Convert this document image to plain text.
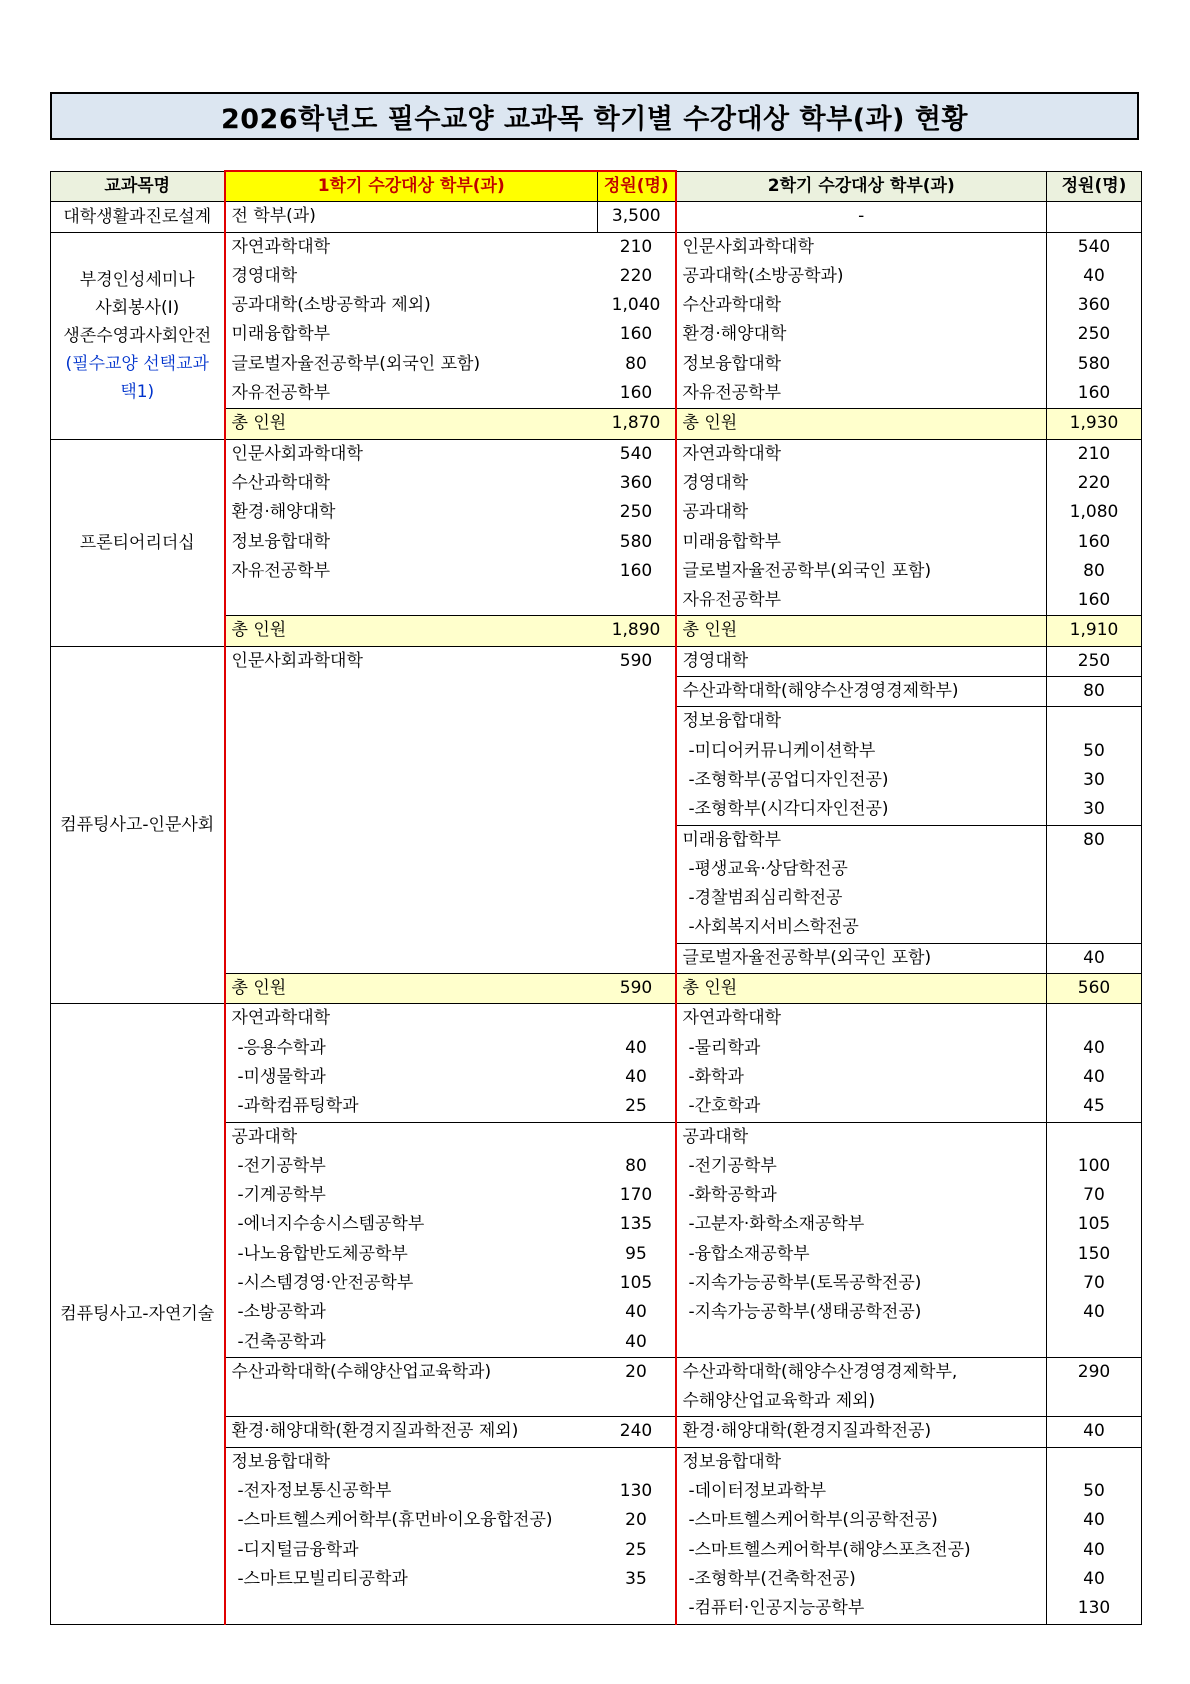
2026학년도 필수교양 교과목 학기별 수강대상 학부(과) 현황
교과목명	1학기 수강대상 학부(과)	정원(명)	2학기 수강대상 학부(과)	정원(명)

대학생활과진로설계	전 학부(과)	3,500	-	

부경인성세미나
사회봉사(I)
생존수영과사회안전
(필수교양 선택교과
택1)	자연과학대학	210	인문사회과학대학	540
	경영대학	220	공과대학(소방공학과)	40
	공과대학(소방공학과 제외)	1,040	수산과학대학	360
	미래융합학부	160	환경·해양대학	250
	글로벌자율전공학부(외국인 포함)	80	정보융합대학	580
	자유전공학부	160	자유전공학부	160
	총 인원	1,870	총 인원	1,930

프론티어리더십	인문사회과학대학	540	자연과학대학	210
	수산과학대학	360	경영대학	220
	환경·해양대학	250	공과대학	1,080
	정보융합대학	580	미래융합학부	160
	자유전공학부	160	글로벌자율전공학부(외국인 포함)	80
			자유전공학부	160
	총 인원	1,890	총 인원	1,910

컴퓨팅사고-인문사회	인문사회과학대학	590	경영대학	250
			수산과학대학(해양수산경영경제학부)	80
			정보융합대학	
			-미디어커뮤니케이션학부	50
			-조형학부(공업디자인전공)	30
			-조형학부(시각디자인전공)	30
			미래융합학부	80
			-평생교육·상담학전공	
			-경찰범죄심리학전공	
			-사회복지서비스학전공	
			글로벌자율전공학부(외국인 포함)	40
	총 인원	590	총 인원	560

컴퓨팅사고-자연기술	자연과학대학		자연과학대학	
	-응용수학과	40	-물리학과	40
	-미생물학과	40	-화학과	40
	-과학컴퓨팅학과	25	-간호학과	45
	공과대학		공과대학	
	-전기공학부	80	-전기공학부	100
	-기계공학부	170	-화학공학과	70
	-에너지수송시스템공학부	135	-고분자·화학소재공학부	105
	-나노융합반도체공학부	95	-융합소재공학부	150
	-시스템경영·안전공학부	105	-지속가능공학부(토목공학전공)	70
	-소방공학과	40	-지속가능공학부(생태공학전공)	40
	-건축공학과	40		
	수산과학대학(수해양산업교육학과)	20	수산과학대학(해양수산경영경제학부,	290
			수해양산업교육학과 제외)	
	환경·해양대학(환경지질과학전공 제외)	240	환경·해양대학(환경지질과학전공)	40
	정보융합대학		정보융합대학	
	-전자정보통신공학부	130	-데이터정보과학부	50
	-스마트헬스케어학부(휴먼바이오융합전공)	20	-스마트헬스케어학부(의공학전공)	40
	-디지털금융학과	25	-스마트헬스케어학부(해양스포츠전공)	40
	-스마트모빌리티공학과	35	-조형학부(건축학전공)	40
			-컴퓨터·인공지능공학부	130
